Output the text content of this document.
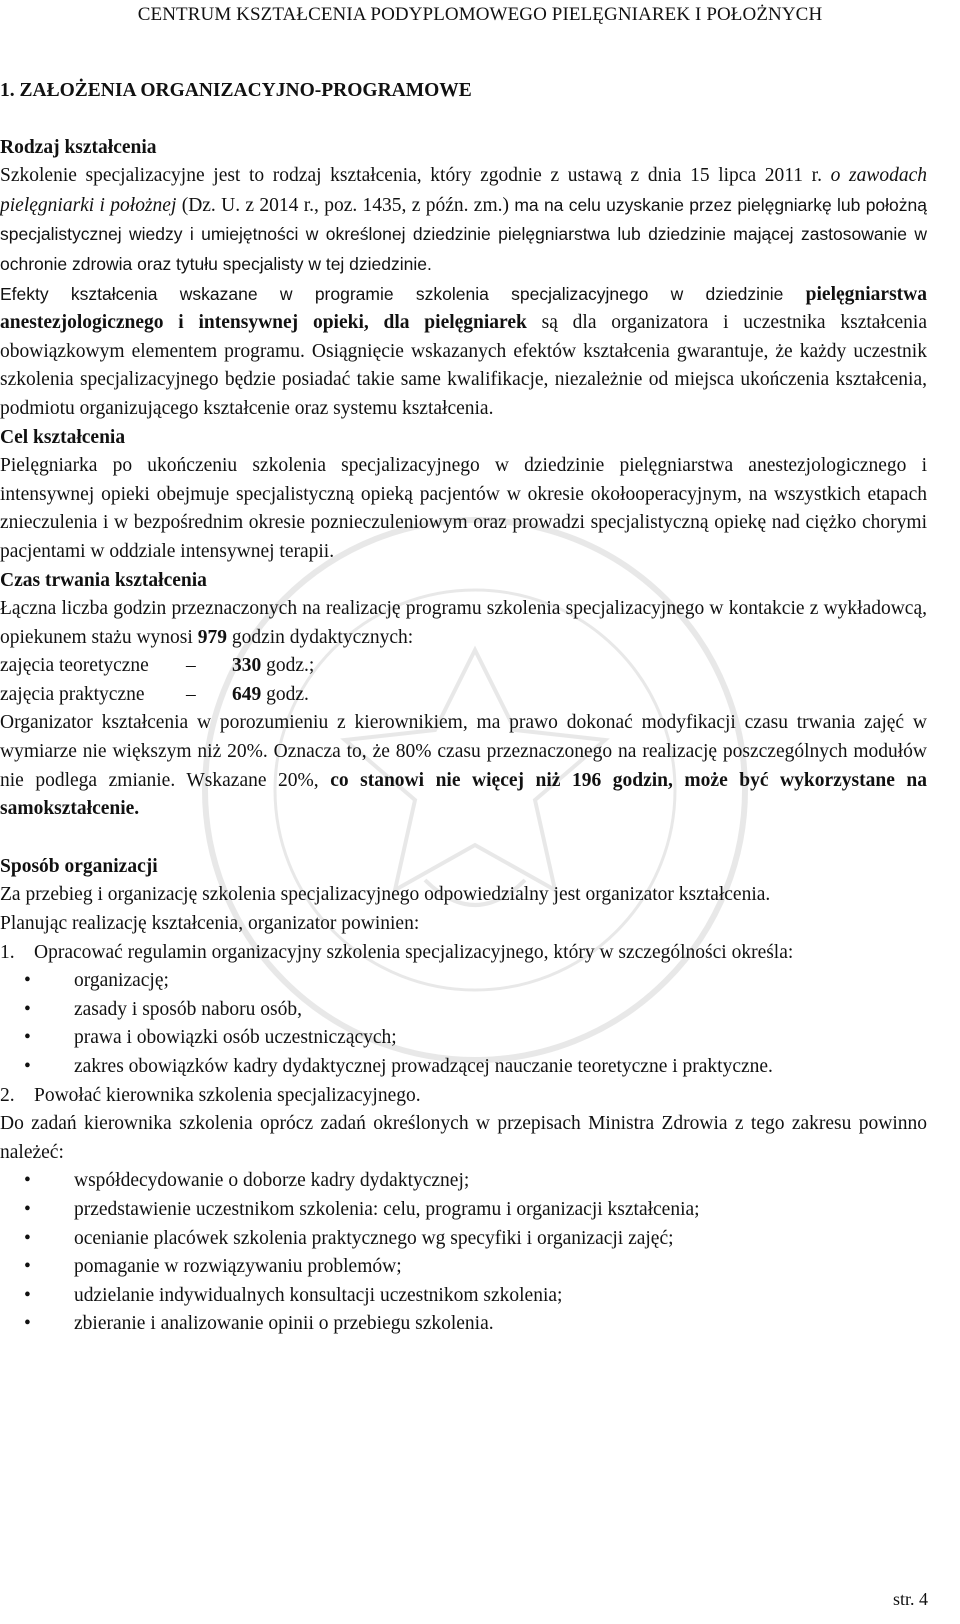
CENTRUM KSZTAŁCENIA PODYPLOMOWEGO PIELĘGNIAREK I POŁOŻNYCH

1. ZAŁOŻENIA ORGANIZACYJNO-PROGRAMOWE

Rodzaj kształcenia

Szkolenie specjalizacyjne jest to rodzaj kształcenia, który zgodnie z ustawą z dnia 15 lipca 2011 r. o zawodach pielęgniarki i położnej (Dz. U. z 2014 r., poz. 1435, z późn. zm.) ma na celu uzyskanie przez pielęgniarkę lub położną specjalistycznej wiedzy i umiejętności w określonej dziedzinie pielęgniarstwa lub dziedzinie mającej zastosowanie w ochronie zdrowia oraz tytułu specjalisty w tej dziedzinie.

Efekty kształcenia wskazane w programie szkolenia specjalizacyjnego w dziedzinie pielęgniarstwa anestezjologicznego i intensywnej opieki, dla pielęgniarek są dla organizatora i uczestnika kształcenia obowiązkowym elementem programu. Osiągnięcie wskazanych efektów kształcenia gwarantuje, że każdy uczestnik szkolenia specjalizacyjnego będzie posiadać takie same kwalifikacje, niezależnie od miejsca ukończenia kształcenia, podmiotu organizującego kształcenie oraz systemu kształcenia.

Cel kształcenia

Pielęgniarka po ukończeniu szkolenia specjalizacyjnego w dziedzinie pielęgniarstwa anestezjologicznego i intensywnej opieki obejmuje specjalistyczną opieką pacjentów w okresie okołooperacyjnym, na wszystkich etapach znieczulenia i w bezpośrednim okresie poznieczuleniowym oraz prowadzi specjalistyczną opiekę nad ciężko chorymi pacjentami w oddziale intensywnej terapii.

Czas trwania kształcenia

Łączna liczba godzin przeznaczonych na realizację programu szkolenia specjalizacyjnego w kontakcie z wykładowcą, opiekunem stażu wynosi 979 godzin dydaktycznych:

zajęcia teoretyczne	–	330 godz.;
zajęcia praktyczne	–	649 godz.

Organizator kształcenia w porozumieniu z kierownikiem, ma prawo dokonać modyfikacji czasu trwania zajęć w wymiarze nie większym niż 20%. Oznacza to, że 80% czasu przeznaczonego na realizację poszczególnych modułów nie podlega zmianie. Wskazane 20%, co stanowi nie więcej niż 196 godzin, może być wykorzystane na samokształcenie.

Sposób organizacji

Za przebieg i organizację szkolenia specjalizacyjnego odpowiedzialny jest organizator kształcenia.

Planując realizację kształcenia, organizator powinien:

1. Opracować regulamin organizacyjny szkolenia specjalizacyjnego, który w szczególności określa:
•
organizację;
•
zasady i sposób naboru osób,
•
prawa i obowiązki osób uczestniczących;
•
zakres obowiązków kadry dydaktycznej prowadzącej nauczanie teoretyczne i praktyczne.
2. Powołać kierownika szkolenia specjalizacyjnego.

Do zadań kierownika szkolenia oprócz zadań określonych w przepisach Ministra Zdrowia z tego zakresu powinno należeć:

•
współdecydowanie o doborze kadry dydaktycznej;
•
przedstawienie uczestnikom szkolenia: celu, programu i organizacji kształcenia;
•
ocenianie placówek szkolenia praktycznego wg specyfiki i organizacji zajęć;
•
pomaganie w rozwiązywaniu problemów;
•
udzielanie indywidualnych konsultacji uczestnikom szkolenia;
•
zbieranie i analizowanie opinii o przebiegu szkolenia.
str. 4
